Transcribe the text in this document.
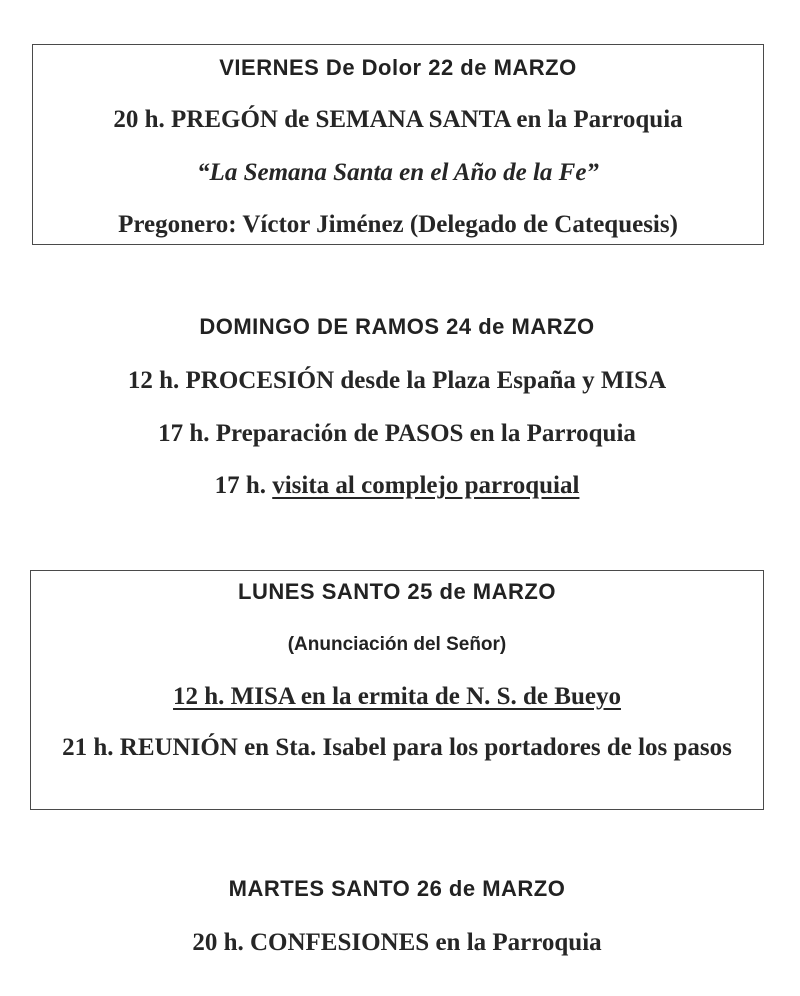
VIERNES De Dolor 22 de MARZO
20 h. PREGÓN de SEMANA SANTA en la Parroquia
“La Semana Santa en el Año de la Fe”
Pregonero: Víctor Jiménez (Delegado de Catequesis)
DOMINGO DE RAMOS 24 de MARZO
12 h. PROCESIÓN desde la Plaza España y MISA
17 h. Preparación de PASOS en la Parroquia
17 h. visita al complejo parroquial
LUNES SANTO 25 de MARZO
(Anunciación del Señor)
12 h. MISA en la ermita de N. S. de Bueyo
21 h. REUNIÓN en Sta. Isabel para los portadores de los pasos
MARTES SANTO 26 de MARZO
20 h. CONFESIONES en la Parroquia
